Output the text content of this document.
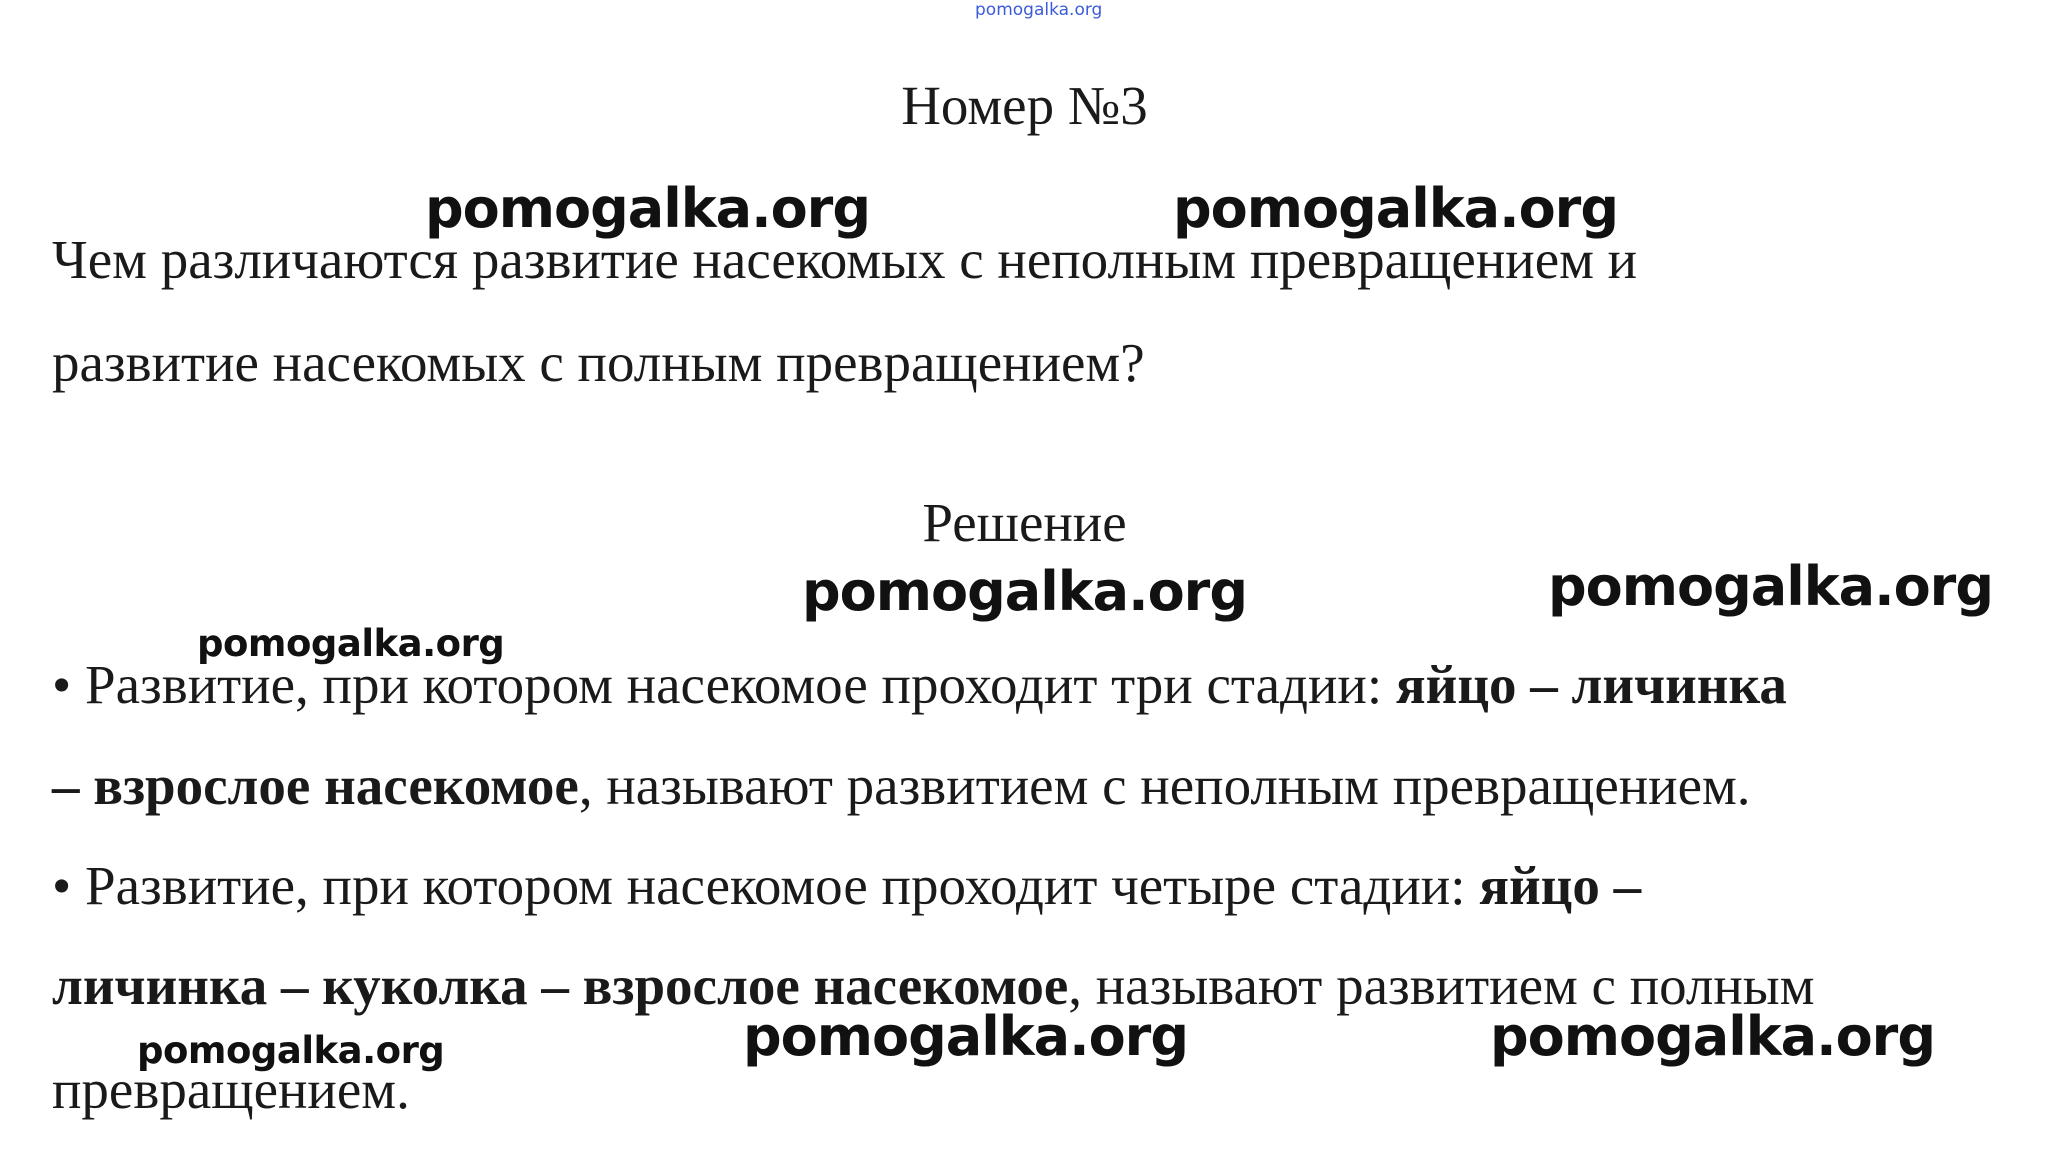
pomogalka.org
Номер №3
pomogalka.org	pomogalka.org
Чем различаются развитие насекомых с неполным превращением и
развитие насекомых с полным превращением?
Решение
pomogalka.org	pomogalka.org
pomogalka.org
• Развитие, при котором насекомое проходит три стадии: яйцо – личинка
– взрослое насекомое, называют развитием с неполным превращением.
• Развитие, при котором насекомое проходит четыре стадии: яйцо –
личинка – куколка – взрослое насекомое, называют развитием с полным
pomogalka.org	pomogalka.org
pomogalka.org
превращением.
